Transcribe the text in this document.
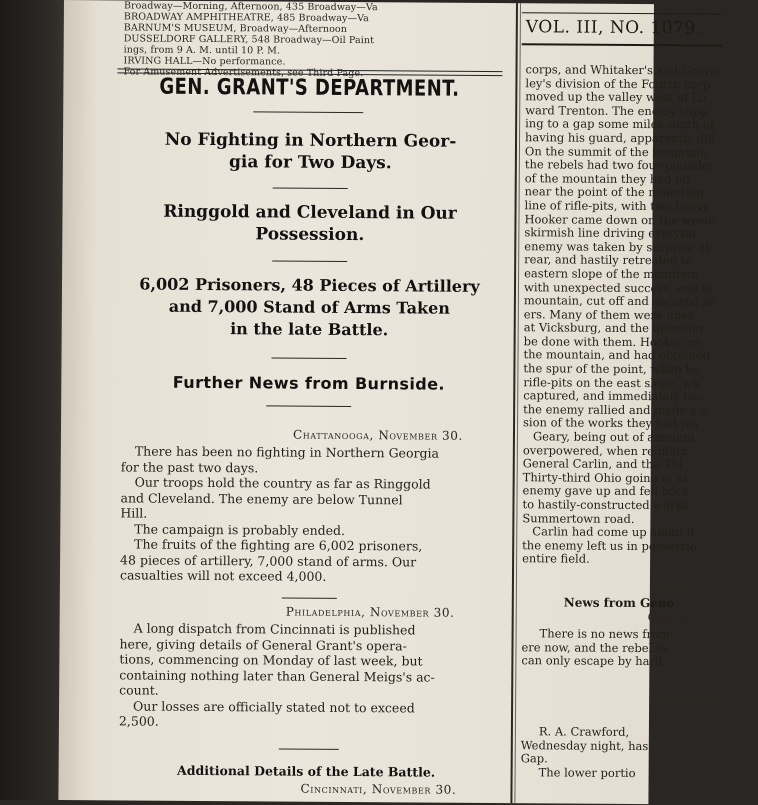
Broadway—Morning, Afternoon, 435 Broadway—Va
BROADWAY AMPHITHEATRE, 485 Broadway—Va
BARNUM'S MUSEUM, Broadway—Afternoon
DUSSELDORF GALLERY, 548 Broadway—Oil Paint
ings, from 9 A. M. until 10 P. M.
IRVING HALL—No performance.
For Amusement Advertisements, see Third Page.
GEN. GRANT'S DEPARTMENT.
No Fighting in Northern Geor-
gia for Two Days.
Ringgold and Cleveland in Our
Possession.
6,002 Prisoners, 48 Pieces of Artillery
and 7,000 Stand of Arms Taken
in the late Battle.
Further News from Burnside.
Chattanooga, November 30.
There has been no fighting in Northern Georgia
for the past two days.
Our troops hold the country as far as Ringgold
and Cleveland. The enemy are below Tunnel
Hill.
The campaign is probably ended.
The fruits of the fighting are 6,002 prisoners,
48 pieces of artillery, 7,000 stand of arms. Our
casualties will not exceed 4,000.
Philadelphia, November 30.
A long dispatch from Cincinnati is published
here, giving details of General Grant's opera-
tions, commencing on Monday of last week, but
containing nothing later than General Meigs's ac-
count.
Our losses are officially stated not to exceed
2,500.
Additional Details of the Late Battle.
Cincinnati, November 30.
VOL. III, NO. 1079.
corps, and Whitaker's and Grover
ley's division of the Fourth corp
moved up the valley west of Lo
ward Trenton. The enemy supp
ing to a gap some miles south of
having his guard, apparently did
On the summit of the mountain,
the rebels had two four-pounder
of the mountain they had no
near the point of the mountain,
line of rifle-pits, with two heavy
Hooker came down on the weste
skirmish line driving everythi
enemy was taken by surprise at
rear, and hastily retreated to
eastern slope of the mountain.
with unexpected success, and at
mountain, cut off and secured se
ers. Many of them were unex
at Vicksburg, and the question
be done with them. Hooker co
the mountain, and had obtained
the spur of the point, when he
rifle-pits on the east slope, wh
captured, and immediately occ
the enemy rallied and made a c
sion of the works they had jus
Geary, being out of ammuni
overpowered, when reinforc
General Carlin, and the Thi
Thirty-third Ohio going in at
enemy gave up and fell back
to hastily-constructed works
Summertown road.
Carlin had come up about d
the enemy left us in possessio
entire field.
News from Gene
Chatta
There is no news from
ere now, and the rebel fo
can only escape by hard
R. A. Crawford,
Wednesday night, has
Gap.
The lower portio
